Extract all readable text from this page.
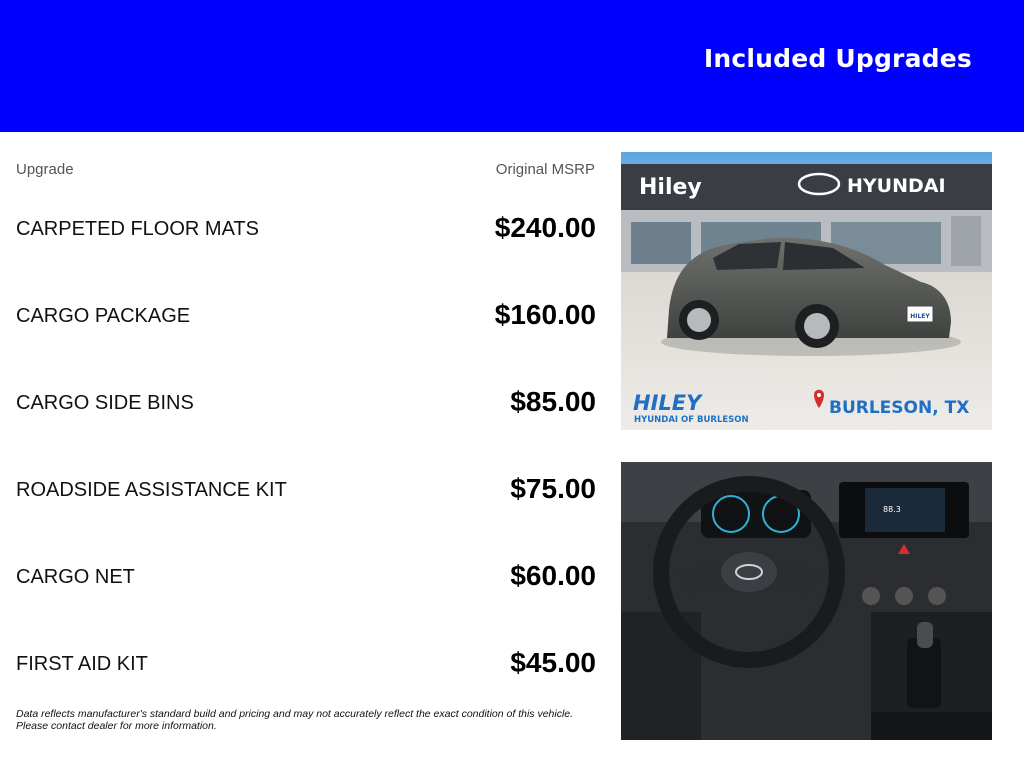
Included Upgrades
Upgrade	Original MSRP
CARPETED FLOOR MATS	$240.00
CARGO PACKAGE	$160.00
CARGO SIDE BINS	$85.00
ROADSIDE ASSISTANCE KIT	$75.00
CARGO NET	$60.00
FIRST AID KIT	$45.00
Data reflects manufacturer's standard build and pricing and may not accurately reflect the exact condition of this vehicle.
Please contact dealer for more information.
Hiley	HYUNDAI
HILEY
HILEY
HYUNDAI OF BURLESON
BURLESON, TX
88.3
